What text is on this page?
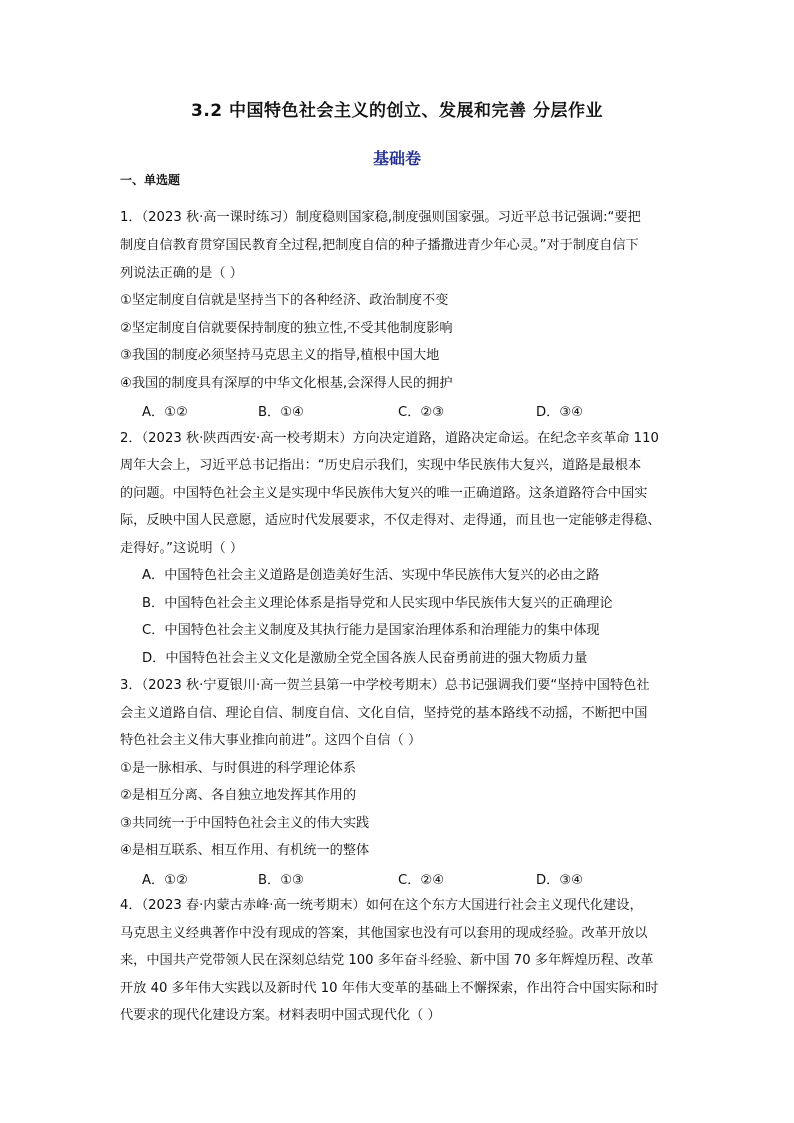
3.2 中国特色社会主义的创立、发展和完善 分层作业
基础卷
一、单选题
1．（2023 秋·高一课时练习）制度稳则国家稳,制度强则国家强。习近平总书记强调:“要把
制度自信教育贯穿国民教育全过程,把制度自信的种子播撒进青少年心灵。”对于制度自信下
列说法正确的是（ ）
①坚定制度自信就是坚持当下的各种经济、政治制度不变
②坚定制度自信就要保持制度的独立性,不受其他制度影响
③我国的制度必须坚持马克思主义的指导,植根中国大地
④我国的制度具有深厚的中华文化根基,会深得人民的拥护
A．①②	B．①④	C．②③	D．③④
2．（2023 秋·陕西西安·高一校考期末）方向决定道路，道路决定命运。在纪念辛亥革命 110
周年大会上，习近平总书记指出：“历史启示我们，实现中华民族伟大复兴，道路是最根本
的问题。中国特色社会主义是实现中华民族伟大复兴的唯一正确道路。这条道路符合中国实
际，反映中国人民意愿，适应时代发展要求，不仅走得对、走得通，而且也一定能够走得稳、
走得好。”这说明（ ）
A．中国特色社会主义道路是创造美好生活、实现中华民族伟大复兴的必由之路
B．中国特色社会主义理论体系是指导党和人民实现中华民族伟大复兴的正确理论
C．中国特色社会主义制度及其执行能力是国家治理体系和治理能力的集中体现
D．中国特色社会主义文化是激励全党全国各族人民奋勇前进的强大物质力量
3．（2023 秋·宁夏银川·高一贺兰县第一中学校考期末）总书记强调我们要“坚持中国特色社
会主义道路自信、理论自信、制度自信、文化自信，坚持党的基本路线不动摇，不断把中国
特色社会主义伟大事业推向前进”。这四个自信（ ）
①是一脉相承、与时俱进的科学理论体系
②是相互分离、各自独立地发挥其作用的
③共同统一于中国特色社会主义的伟大实践
④是相互联系、相互作用、有机统一的整体
A．①②	B．①③	C．②④	D．③④
4．（2023 春·内蒙古赤峰·高一统考期末）如何在这个东方大国进行社会主义现代化建设，
马克思主义经典著作中没有现成的答案，其他国家也没有可以套用的现成经验。改革开放以
来，中国共产党带领人民在深刻总结党 100 多年奋斗经验、新中国 70 多年辉煌历程、改革
开放 40 多年伟大实践以及新时代 10 年伟大变革的基础上不懈探索，作出符合中国实际和时
代要求的现代化建设方案。材料表明中国式现代化（ ）
